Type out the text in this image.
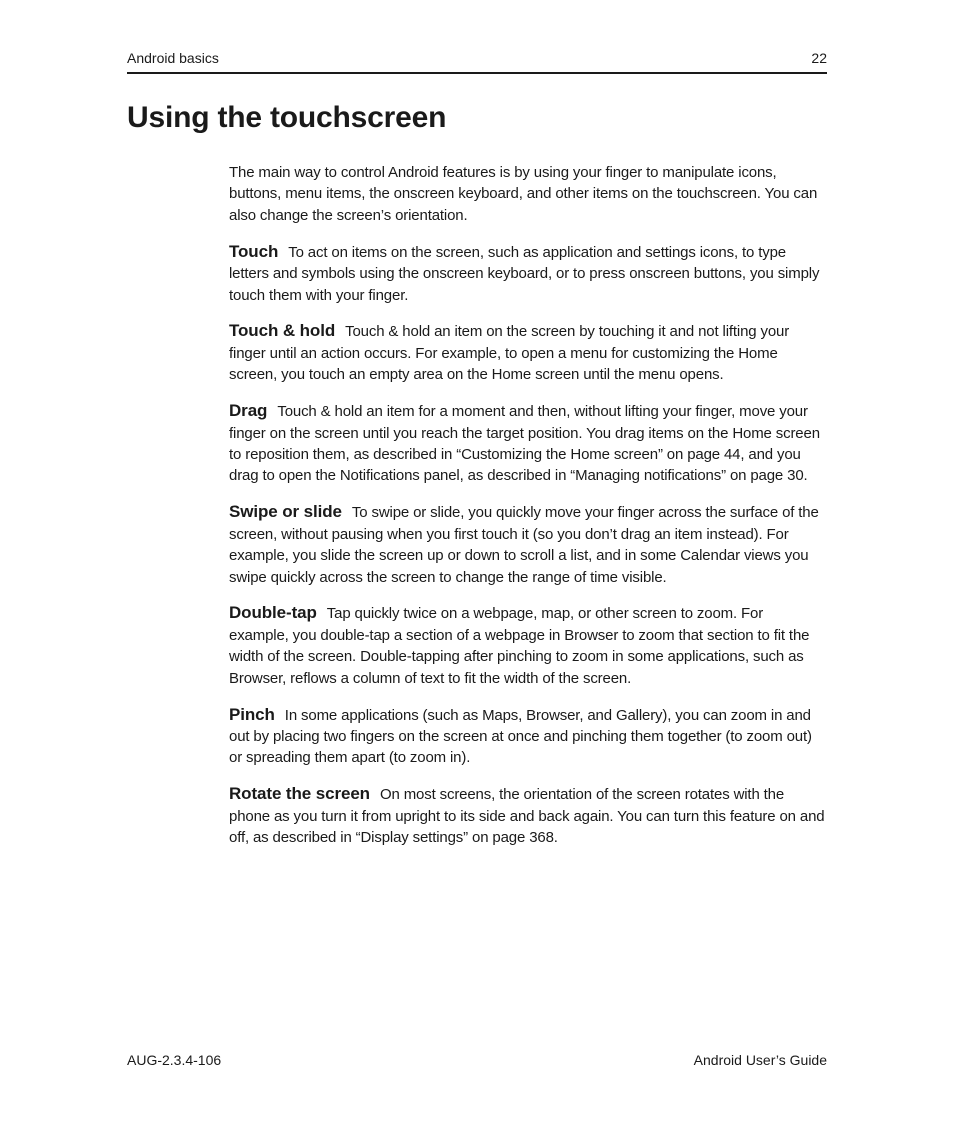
Android basics	22
Using the touchscreen

The main way to control Android features is by using your finger to manipulate icons, buttons, menu items, the onscreen keyboard, and other items on the touchscreen. You can also change the screen’s orientation.

Touch To act on items on the screen, such as application and settings icons, to type letters and symbols using the onscreen keyboard, or to press onscreen buttons, you simply touch them with your finger.

Touch & hold Touch & hold an item on the screen by touching it and not lifting your finger until an action occurs. For example, to open a menu for customizing the Home screen, you touch an empty area on the Home screen until the menu opens.

Drag Touch & hold an item for a moment and then, without lifting your finger, move your finger on the screen until you reach the target position. You drag items on the Home screen to reposition them, as described in “Customizing the Home screen” on page 44, and you drag to open the Notifications panel, as described in “Managing notifications” on page 30.

Swipe or slide To swipe or slide, you quickly move your finger across the surface of the screen, without pausing when you first touch it (so you don’t drag an item instead). For example, you slide the screen up or down to scroll a list, and in some Calendar views you swipe quickly across the screen to change the range of time visible.

Double-tap Tap quickly twice on a webpage, map, or other screen to zoom. For example, you double-tap a section of a webpage in Browser to zoom that section to fit the width of the screen. Double-tapping after pinching to zoom in some applications, such as Browser, reflows a column of text to fit the width of the screen.

Pinch In some applications (such as Maps, Browser, and Gallery), you can zoom in and out by placing two fingers on the screen at once and pinching them together (to zoom out) or spreading them apart (to zoom in).

Rotate the screen On most screens, the orientation of the screen rotates with the phone as you turn it from upright to its side and back again. You can turn this feature on and off, as described in “Display settings” on page 368.

AUG-2.3.4-106	Android User’s Guide
